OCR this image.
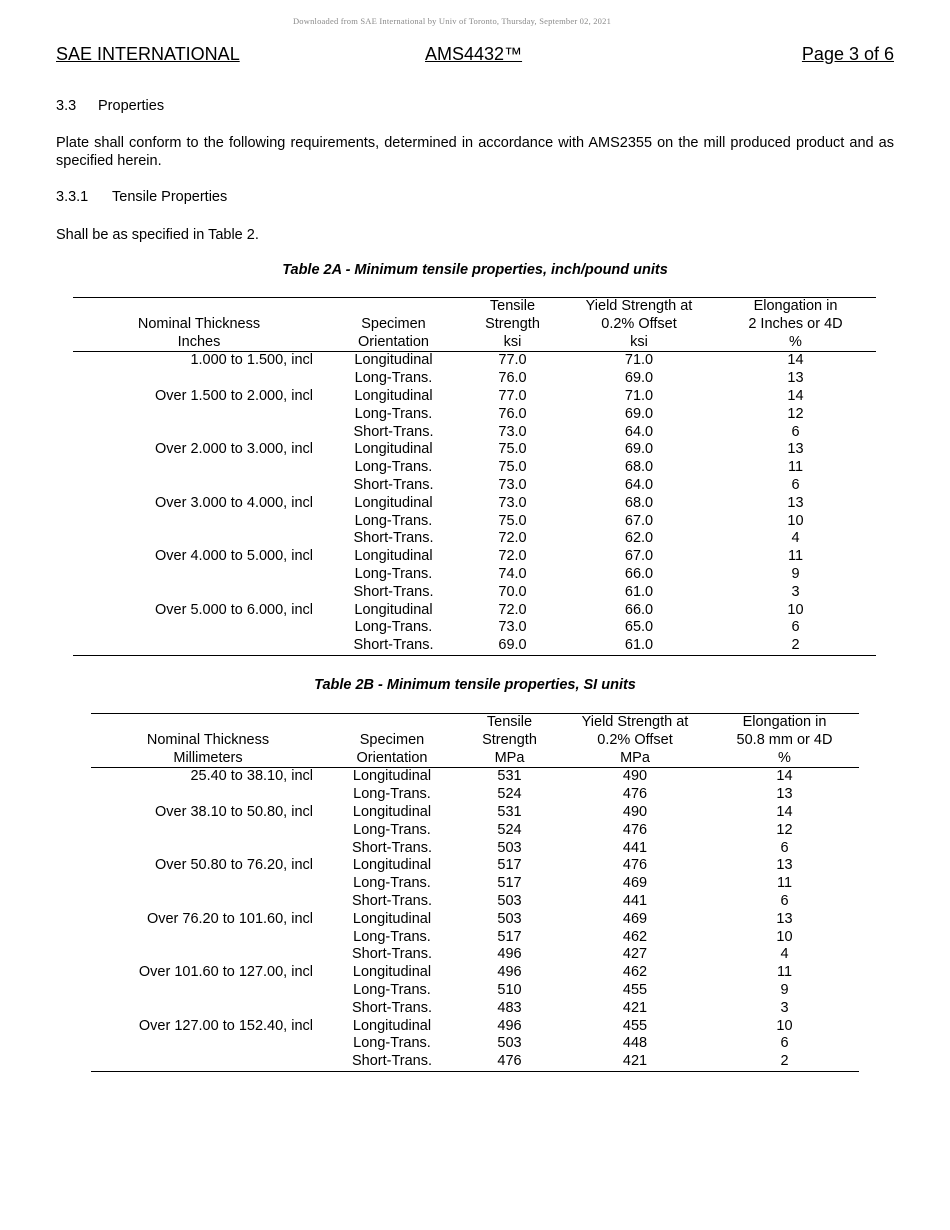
Downloaded from SAE International by Univ of Toronto, Thursday, September 02, 2021
SAE INTERNATIONAL	AMS4432™	Page 3 of 6
3.3 Properties
Plate shall conform to the following requirements, determined in accordance with AMS2355 on the mill produced product and as specified herein.
3.3.1 Tensile Properties
Shall be as specified in Table 2.
Table 2A - Minimum tensile properties, inch/pound units
		Tensile	Yield Strength at	Elongation in
Nominal Thickness	Specimen	Strength	0.2% Offset	2 Inches or 4D
Inches	Orientation	ksi	ksi	%
1.000 to 1.500, incl	Longitudinal	77.0	71.0	14
	Long-Trans.	76.0	69.0	13
Over 1.500 to 2.000, incl	Longitudinal	77.0	71.0	14
	Long-Trans.	76.0	69.0	12
	Short-Trans.	73.0	64.0	6
Over 2.000 to 3.000, incl	Longitudinal	75.0	69.0	13
	Long-Trans.	75.0	68.0	11
	Short-Trans.	73.0	64.0	6
Over 3.000 to 4.000, incl	Longitudinal	73.0	68.0	13
	Long-Trans.	75.0	67.0	10
	Short-Trans.	72.0	62.0	4
Over 4.000 to 5.000, incl	Longitudinal	72.0	67.0	11
	Long-Trans.	74.0	66.0	9
	Short-Trans.	70.0	61.0	3
Over 5.000 to 6.000, incl	Longitudinal	72.0	66.0	10
	Long-Trans.	73.0	65.0	6
	Short-Trans.	69.0	61.0	2
Table 2B - Minimum tensile properties, SI units
		Tensile	Yield Strength at	Elongation in
Nominal Thickness	Specimen	Strength	0.2% Offset	50.8 mm or 4D
Millimeters	Orientation	MPa	MPa	%
25.40 to 38.10, incl	Longitudinal	531	490	14
	Long-Trans.	524	476	13
Over 38.10 to 50.80, incl	Longitudinal	531	490	14
	Long-Trans.	524	476	12
	Short-Trans.	503	441	6
Over 50.80 to 76.20, incl	Longitudinal	517	476	13
	Long-Trans.	517	469	11
	Short-Trans.	503	441	6
Over 76.20 to 101.60, incl	Longitudinal	503	469	13
	Long-Trans.	517	462	10
	Short-Trans.	496	427	4
Over 101.60 to 127.00, incl	Longitudinal	496	462	11
	Long-Trans.	510	455	9
	Short-Trans.	483	421	3
Over 127.00 to 152.40, incl	Longitudinal	496	455	10
	Long-Trans.	503	448	6
	Short-Trans.	476	421	2
